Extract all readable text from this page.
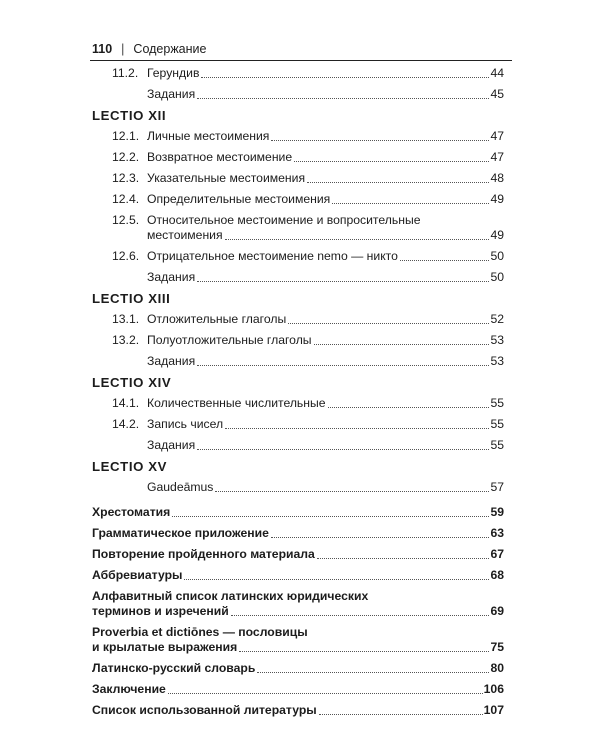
110 | Содержание
11.2. Герундив	44
Задания	45
LECTIO XII
12.1. Личные местоимения	47
12.2. Возвратное местоимение	47
12.3. Указательные местоимения	48
12.4. Определительные местоимения	49
12.5. Относительное местоимение и вопросительные
местоимения	49
12.6. Отрицательное местоимение nemo — никто	50
Задания	50
LECTIO XIII
13.1. Отложительные глаголы	52
13.2. Полуотложительные глаголы	53
Задания	53
LECTIO XIV
14.1. Количественные числительные	55
14.2. Запись чисел	55
Задания	55
LECTIO XV
Gaudeāmus	57
Хрестоматия	59
Грамматическое приложение	63
Повторение пройденного материала	67
Аббревиатуры	68
Алфавитный список латинских юридических
терминов и изречений	69
Proverbia et dictiōnes — пословицы
и крылатые выражения	75
Латинско-русский словарь	80
Заключение	106
Список использованной литературы	107
